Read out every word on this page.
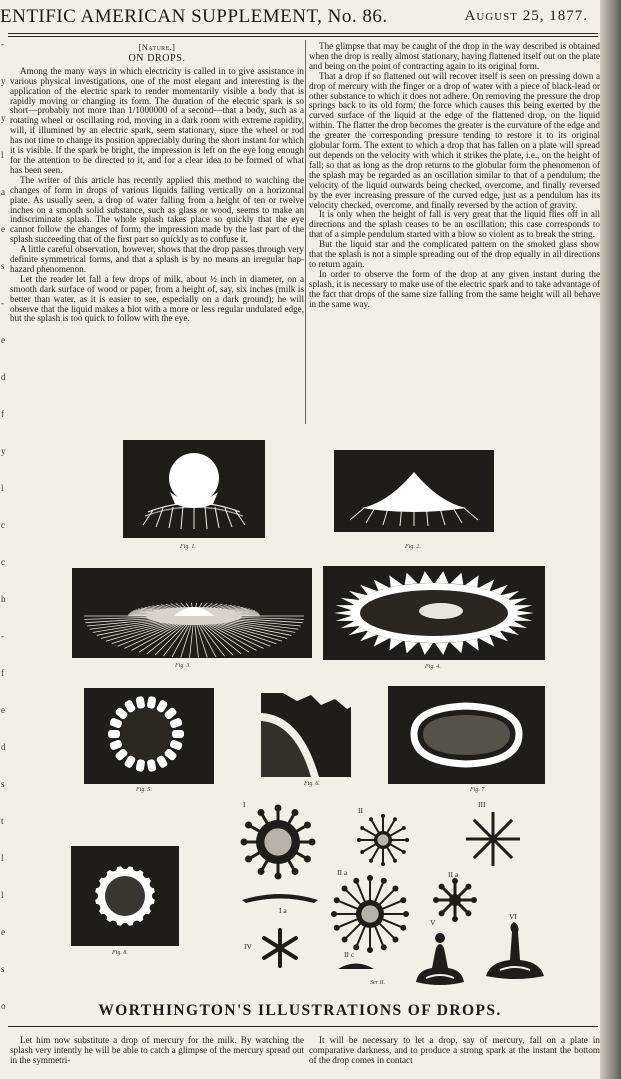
ENTIFIC AMERICAN SUPPLEMENT, No. 86.	August 25, 1877.
-
y
y
l
a
e
s
-
e
d
f
y
l
c
c
h
-
f
e
d
s
t
l
l
e
s
o

[Nature.]

ON DROPS.

Among the many ways in which electricity is called in to give assistance in various physical investigations, one of the most elegant and interesting is the application of the electric spark to render momentarily visible a body that is rapidly moving or changing its form. The duration of the electric spark is so short—probably not more than 1/1000000 of a second—that a body, such as a rotating wheel or oscillating rod, moving in a dark room with extreme rapidity, will, if illumined by an electric spark, seem stationary, since the wheel or rod has not time to change its position appreciably during the short instant for which it is visible. If the spark be bright, the impression is left on the eye long enough for the attention to be directed to it, and for a clear idea to be formed of what has been seen.

The writer of this article has recently applied this method to watching the changes of form in drops of various liquids falling vertically on a horizontal plate. As usually seen, a drop of water falling from a height of ten or twelve inches on a smooth solid substance, such as glass or wood, seems to make an indiscriminate splash. The whole splash takes place so quickly that the eye cannot follow the changes of form; the impression made by the last part of the splash succeeding that of the first part so quickly as to confuse it.

A little careful observation, however, shows that the drop passes through very definite symmetrical forms, and that a splash is by no means an irregular hap-hazard phenomenon.

Let the reader let fall a few drops of milk, about ½ inch in diameter, on a smooth dark surface of wood or paper, from a height of, say, six inches (milk is better than water, as it is easier to see, especially on a dark ground); he will observe that the liquid makes a blot with a more or less regular undulated edge, but the splash is too quick to follow with the eye.

The glimpse that may be caught of the drop in the way described is obtained when the drop is really almost stationary, having flattened itself out on the plate and being on the point of contracting again to its original form.

That a drop if so flattened out will recover itself is seen on pressing down a drop of mercury with the finger or a drop of water with a piece of black-lead or other substance to which it does not adhere. On removing the pressure the drop springs back to its old form; the force which causes this being exerted by the curved surface of the liquid at the edge of the flattened drop, on the liquid within. The flatter the drop becomes the greater is the curvature of the edge and the greater the corresponding pressure tending to restore it to its original globular form. The extent to which a drop that has fallen on a plate will spread out depends on the velocity with which it strikes the plate, i.e., on the height of fall; so that as long as the drop returns to the globular form the phenomenon of the splash may be regarded as an oscillation similar to that of a pendulum; the velocity of the liquid outwards being checked, overcome, and finally reversed by the ever increasing pressure of the curved edge, just as a pendulum has its velocity checked, overcome, and finally reversed by the action of gravity.

It is only when the height of fall is very great that the liquid flies off in all directions and the splash ceases to be an oscillation; this case corresponds to that of a simple pendulum started with a blow so violent as to break the string.

But the liquid star and the complicated pattern on the smoked glass show that the splash is not a simple spreading out of the drop equally in all directions to return again.

In order to observe the form of the drop at any given instant during the splash, it is necessary to make use of the electric spark and to take advantage of the fact that drops of the same size falling from the same height will all behave in the same way.

Fig. 1.	Fig. 2.
Fig. 3.	Fig. 4.
Fig. 5.
Fig. 6.
Fig. 7.
Fig. 8.
I
II
III
I a
II a	II a
IV
II c
V
VI
Ser II.
WORTHINGTON'S ILLUSTRATIONS OF DROPS.

Let him now substitute a drop of mercury for the milk. By watching the splash very intently he will be able to catch a glimpse of the mercury spread out in the symmetri-

It will be necessary to let a drop, say of mercury, fall on a plate in comparative darkness, and to produce a strong spark at the instant the bottom of the drop comes in contact
